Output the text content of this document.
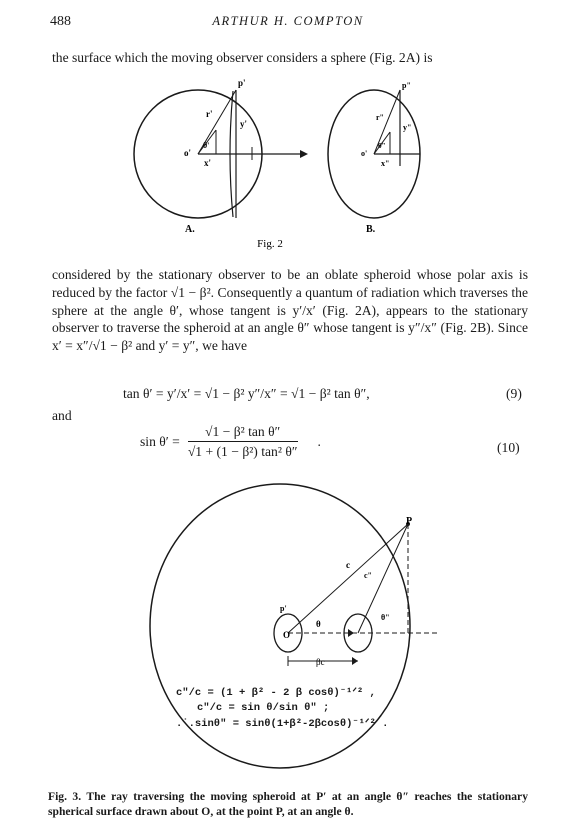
488	ARTHUR H. COMPTON
the surface which the moving observer considers a sphere (Fig. 2A) is
p'
r'
y'
o'
θ'
x'
p"
r"
y"
o'
θ"
x"
A.	B.
Fig. 2
considered by the stationary observer to be an oblate spheroid whose polar axis is reduced by the factor √1 − β². Consequently a quantum of radiation which traverses the sphere at the angle θ′, whose tangent is y′/x′ (Fig. 2A), appears to the stationary observer to traverse the spheroid at an angle θ″ whose tangent is y″/x″ (Fig. 2B). Since x′ = x″/√1 − β² and y′ = y″, we have
tan θ′ = y′/x′ = √1 − β² y″/x″ = √1 − β² tan θ″,	(9)
and
$\sin \theta' = \frac{\text{√1 − β² tan θ″}}{\text{√1 + (1 − β²) tan² θ″}}$ .	(10)
P
c
c"
p'
O
θ
θ"
βc
c"/c = (1 + β² - 2 β cosθ)⁻¹ᐟ² ,
c"/c = sin θ/sin θ" ;
.˙.sinθ" = sinθ(1+β²-2βcosθ)⁻¹ᐟ² .
Fig. 3. The ray traversing the moving spheroid at P′ at an angle θ″ reaches the stationary spherical surface drawn about O, at the point P, at an angle θ.
